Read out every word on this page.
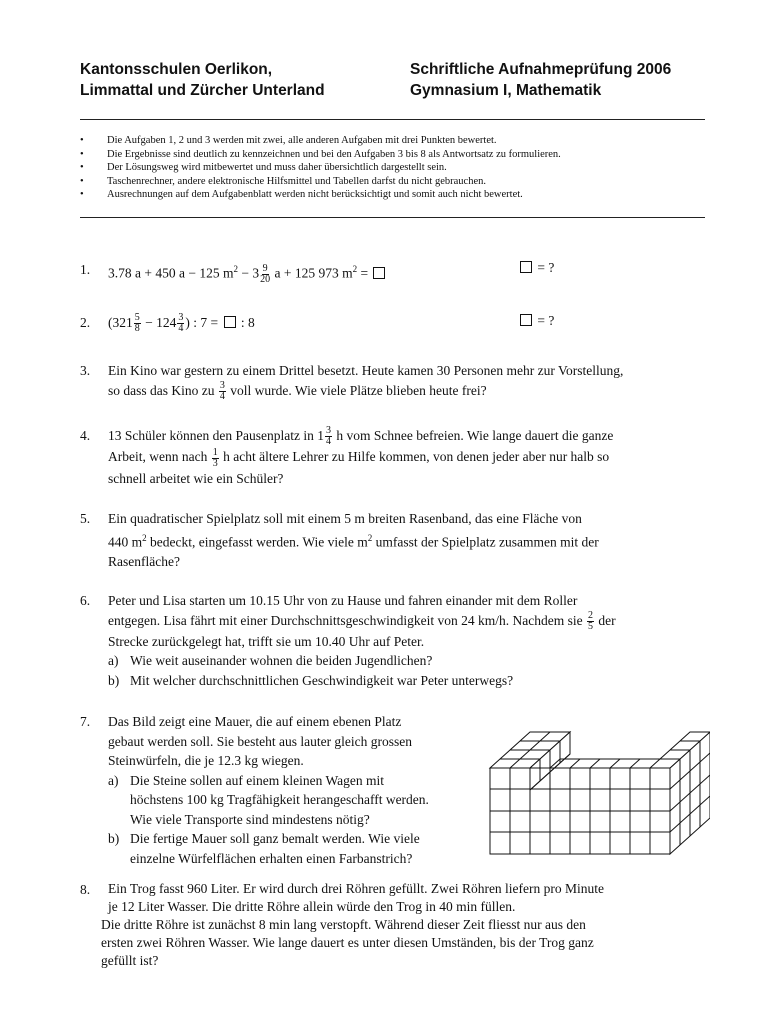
Kantonsschulen Oerlikon,
Limmattal und Zürcher Unterland
Schriftliche Aufnahmeprüfung 2006
Gymnasium I, Mathematik
•	Die Aufgaben 1, 2 und 3 werden mit zwei, alle anderen Aufgaben mit drei Punkten bewertet.
•	Die Ergebnisse sind deutlich zu kennzeichnen und bei den Aufgaben 3 bis 8 als Antwortsatz zu formulieren.
•	Der Lösungsweg wird mitbewertet und muss daher übersichtlich dargestellt sein.
•	Taschenrechner, andere elektronische Hilfsmittel und Tabellen darfst du nicht gebrauchen.
•	Ausrechnungen auf dem Aufgabenblatt werden nicht berücksichtigt und somit auch nicht bewertet.
1. 3.78 a + 450 a − 125 $m^2 - 3 \frac{9}{20}$ a + 125 973 $m^2$ =	= ?
2. ($321 \frac{5}{8} - 124 \frac{3}{4}$ ) : 7 =  : 8	= ?
3. Ein Kino war gestern zu einem Drittel besetzt. Heute kamen 30 Personen mehr zur Vorstellung,
so dass das Kino zu $\frac{3}{4}$ voll wurde. Wie viele Plätze blieben heute frei?
4. 13 Schüler können den Pausenplatz in $1 \frac{3}{4}$ h vom Schnee befreien. Wie lange dauert die ganze
Arbeit, wenn nach $\frac{1}{3}$ h acht ältere Lehrer zu Hilfe kommen, von denen jeder aber nur halb so
schnell arbeitet wie ein Schüler?
5. Ein quadratischer Spielplatz soll mit einem 5 m breiten Rasenband, das eine Fläche von
440 $m^2$ bedeckt, eingefasst werden. Wie viele $m^2$ umfasst der Spielplatz zusammen mit der
Rasenfläche?
6. Peter und Lisa starten um 10.15 Uhr von zu Hause und fahren einander mit dem Roller
entgegen. Lisa fährt mit einer Durchschnittsgeschwindigkeit von 24 km/h. Nachdem sie $\frac{2}{5}$ der
Strecke zurückgelegt hat, trifft sie um 10.40 Uhr auf Peter.
a) Wie weit auseinander wohnen die beiden Jugendlichen?
b) Mit welcher durchschnittlichen Geschwindigkeit war Peter unterwegs?
7. Das Bild zeigt eine Mauer, die auf einem ebenen Platz
gebaut werden soll. Sie besteht aus lauter gleich grossen
Steinwürfeln, die je 12.3 kg wiegen.
a) Die Steine sollen auf einem kleinen Wagen mit
höchstens 100 kg Tragfähigkeit herangeschafft werden.
Wie viele Transporte sind mindestens nötig?
b) Die fertige Mauer soll ganz bemalt werden. Wie viele
einzelne Würfelflächen erhalten einen Farbanstrich?
8. Ein Trog fasst 960 Liter. Er wird durch drei Röhren gefüllt. Zwei Röhren liefern pro Minute
je 12 Liter Wasser. Die dritte Röhre allein würde den Trog in 40 min füllen.
Die dritte Röhre ist zunächst 8 min lang verstopft. Während dieser Zeit fliesst nur aus den
ersten zwei Röhren Wasser. Wie lange dauert es unter diesen Umständen, bis der Trog ganz
gefüllt ist?
